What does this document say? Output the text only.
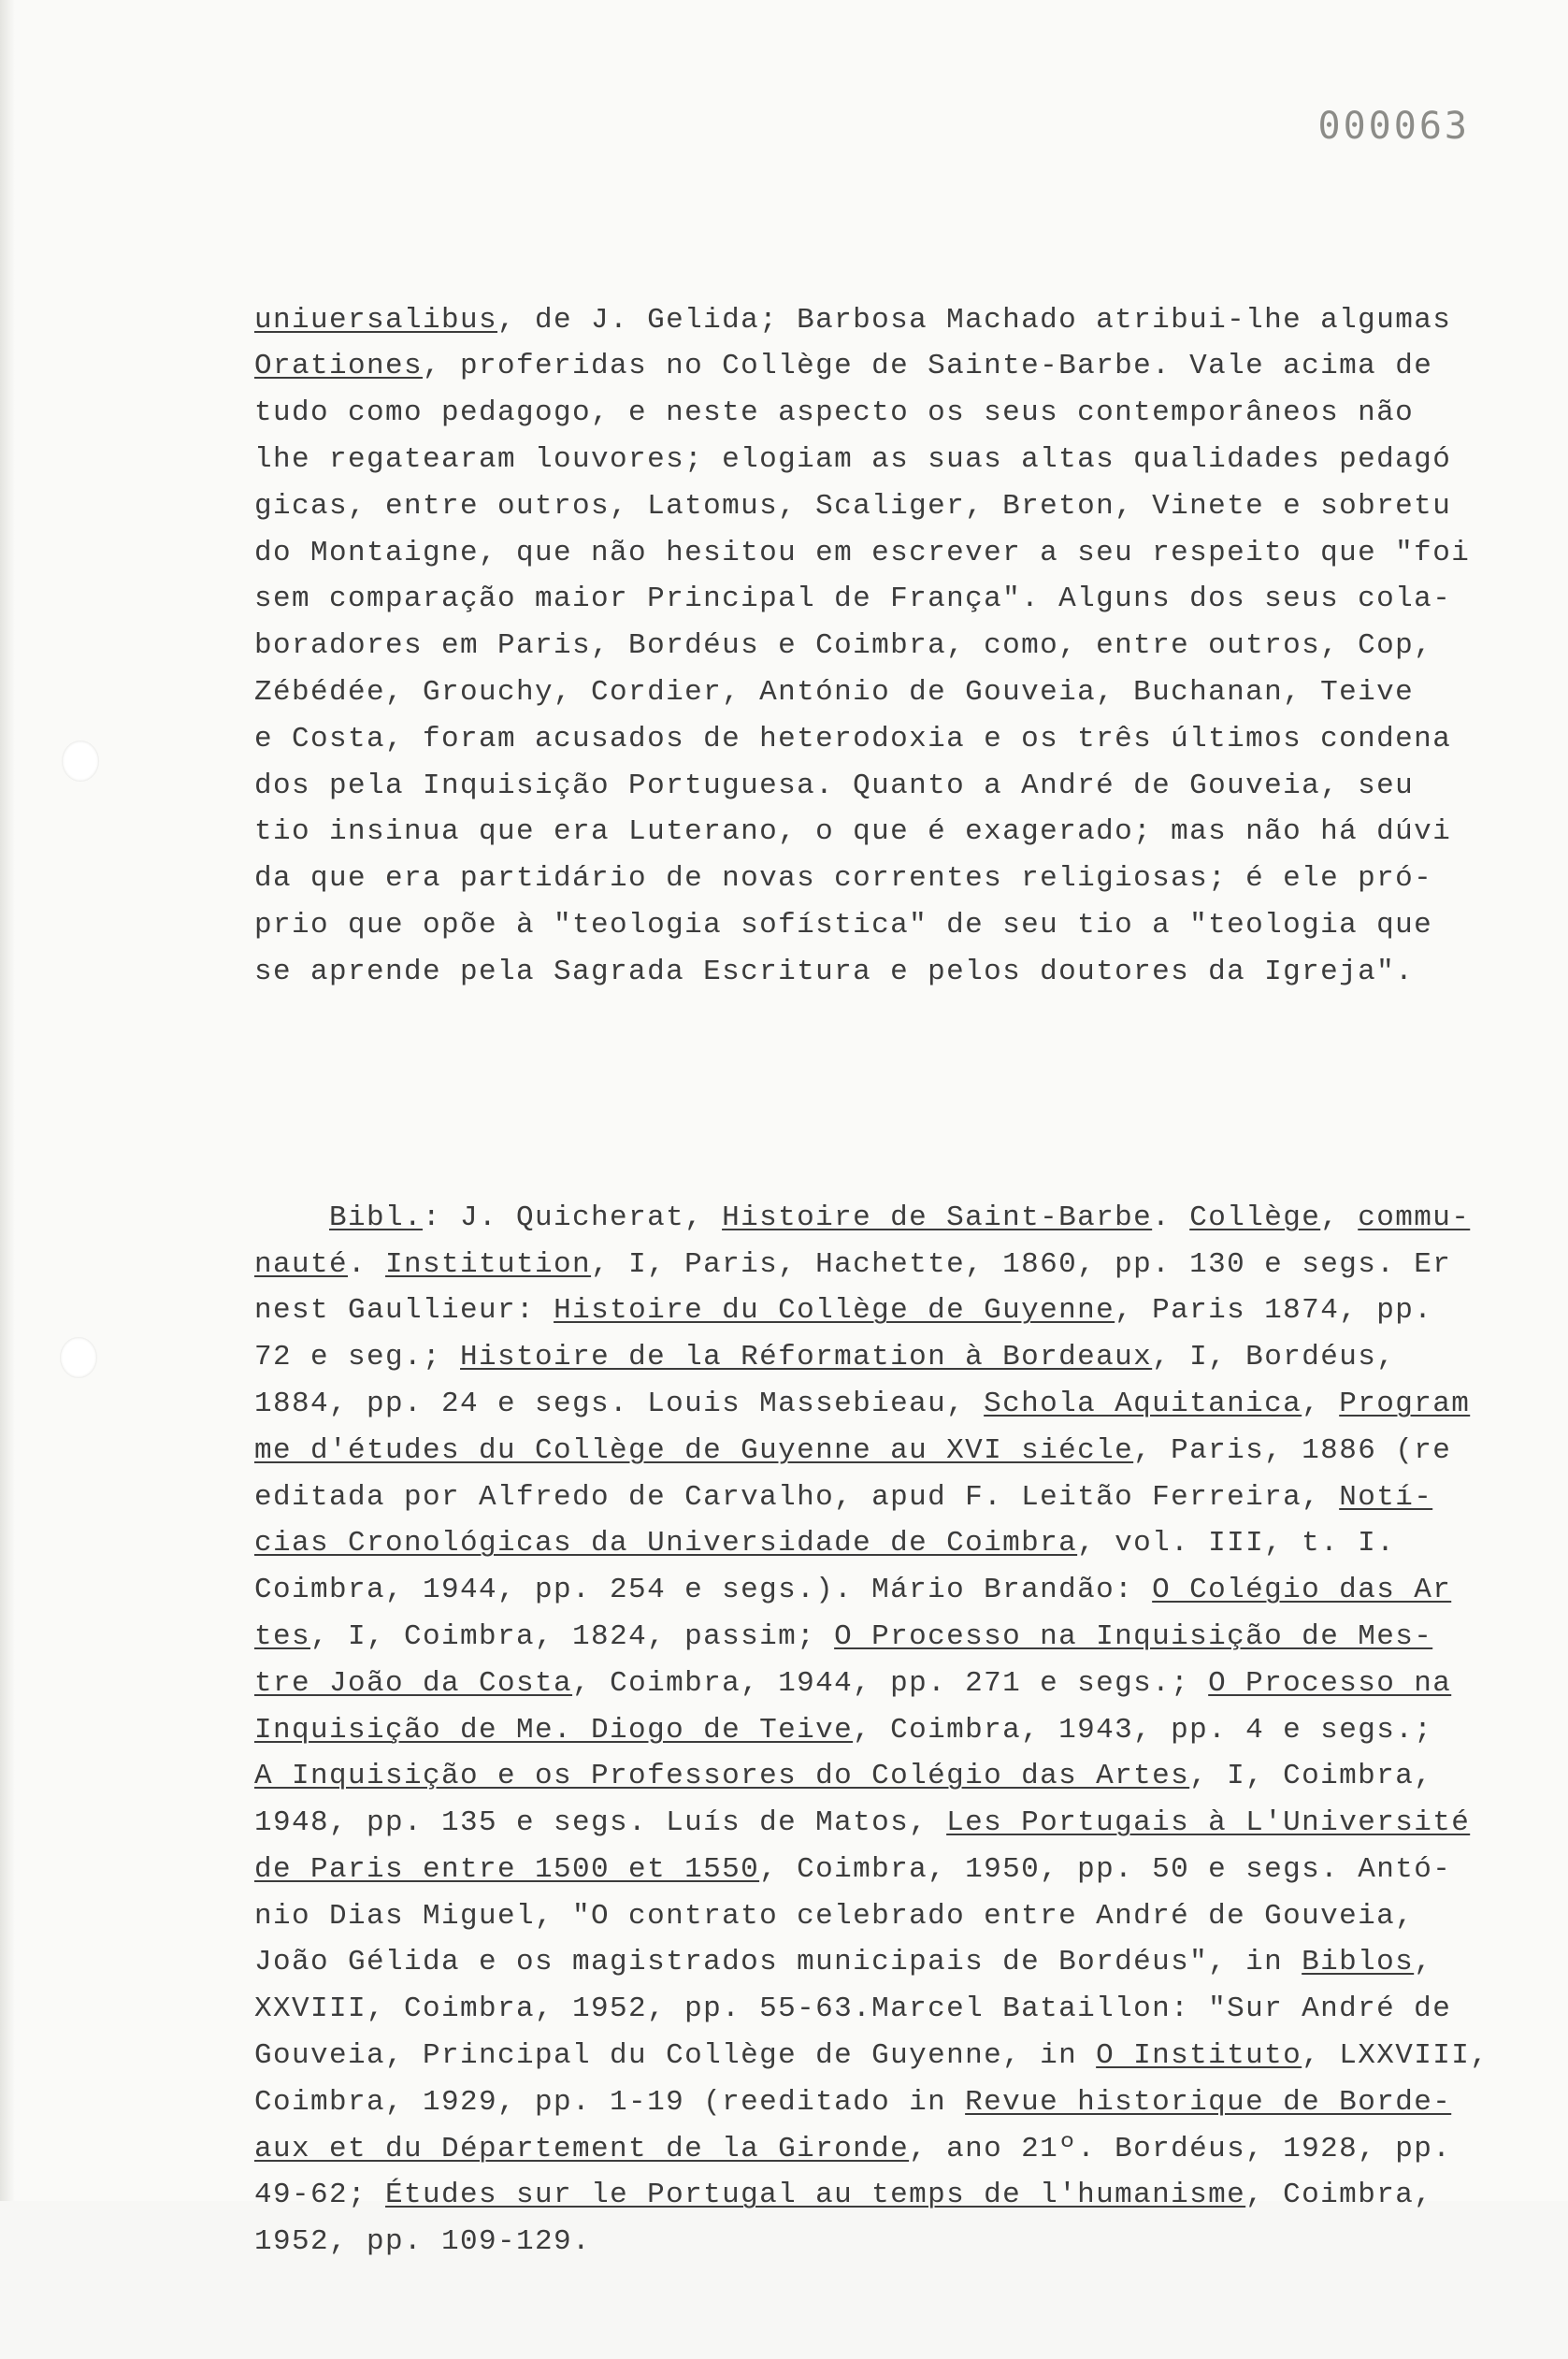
000063

uniuersalibus, de J. Gelida; Barbosa Machado atribui-lhe algumas
Orationes, proferidas no Collège de Sainte-Barbe. Vale acima de
tudo como pedagogo, e neste aspecto os seus contemporâneos não
lhe regatearam louvores; elogiam as suas altas qualidades pedagó
gicas, entre outros, Latomus, Scaliger, Breton, Vinete e sobretu
do Montaigne, que não hesitou em escrever a seu respeito que "foi
sem comparação maior Principal de França". Alguns dos seus cola-
boradores em Paris, Bordéus e Coimbra, como, entre outros, Cop,
Zébédée, Grouchy, Cordier, António de Gouveia, Buchanan, Teive
e Costa, foram acusados de heterodoxia e os três últimos condena
dos pela Inquisição Portuguesa. Quanto a André de Gouveia, seu
tio insinua que era Luterano, o que é exagerado; mas não há dúvi
da que era partidário de novas correntes religiosas; é ele pró-
prio que opõe à "teologia sofística" de seu tio a "teologia que
se aprende pela Sagrada Escritura e pelos doutores da Igreja".

Bibl.: J. Quicherat, Histoire de Saint-Barbe. Collège, commu-
nauté. Institution, I, Paris, Hachette, 1860, pp. 130 e segs. Er
nest Gaullieur: Histoire du Collège de Guyenne, Paris 1874, pp.
72 e seg.; Histoire de la Réformation à Bordeaux, I, Bordéus,
1884, pp. 24 e segs. Louis Massebieau, Schola Aquitanica, Program
me d'études du Collège de Guyenne au XVI siécle, Paris, 1886 (re
editada por Alfredo de Carvalho, apud F. Leitão Ferreira, Notí-
cias Cronológicas da Universidade de Coimbra, vol. III, t. I.
Coimbra, 1944, pp. 254 e segs.). Mário Brandão: O Colégio das Ar
tes, I, Coimbra, 1824, passim; O Processo na Inquisição de Mes-
tre João da Costa, Coimbra, 1944, pp. 271 e segs.; O Processo na
Inquisição de Me. Diogo de Teive, Coimbra, 1943, pp. 4 e segs.;
A Inquisição e os Professores do Colégio das Artes, I, Coimbra,
1948, pp. 135 e segs. Luís de Matos, Les Portugais à L'Université
de Paris entre 1500 et 1550, Coimbra, 1950, pp. 50 e segs. Antó-
nio Dias Miguel, "O contrato celebrado entre André de Gouveia,
João Gélida e os magistrados municipais de Bordéus", in Biblos,
XXVIII, Coimbra, 1952, pp. 55-63.Marcel Bataillon: "Sur André de
Gouveia, Principal du Collège de Guyenne, in O Instituto, LXXVIII,
Coimbra, 1929, pp. 1-19 (reeditado in Revue historique de Borde-
aux et du Département de la Gironde, ano 21º. Bordéus, 1928, pp.
49-62; Études sur le Portugal au temps de l'humanisme, Coimbra,
1952, pp. 109-129.
